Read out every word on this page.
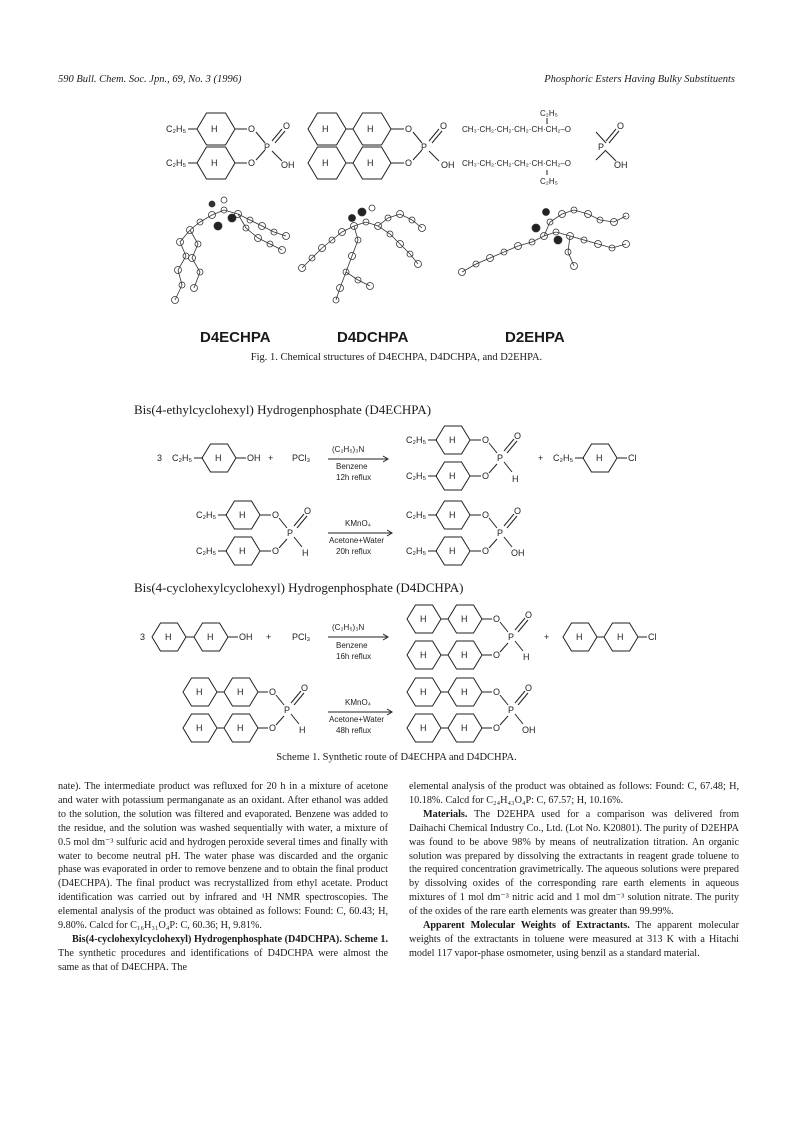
590 Bull. Chem. Soc. Jpn., 69, No. 3 (1996)	Phosphoric Esters Having Bulky Substituents
H
H
C₂H₅
C₂H₅
O
O
P
O
OH
H	H
H	H
O
O
P
O
OH
C₂H₅
CH₃·CH₂·CH₂·CH₂·CH·CH₂–O
P
O
CH₃·CH₂·CH₂·CH₂·CH·CH₂–O	OH
C₂H₅
3 C₂H₅	H	OH + PCl₃
(C₂H₅)₃N
Benzene
12h reflux
C₂H₅	H	O
P
O
H
C₂H₅	H	O
+ C₂H₅	H	Cl
C₂H₅	H	O
P
O
H
C₂H₅	H	O
KMnO₄
Acetone+Water
20h reflux
C₂H₅	H	O
P
O
OH
C₂H₅	H	O
3 H	H	OH + PCl₃
(C₂H₅)₃N
Benzene
16h reflux
H	H	O
P
O
H
H	H	O
+	H	H	Cl
H	H	O
P
O
H
H	H	O
KMnO₄
Acetone+Water
48h reflux
H	H	O
P
O
OH
H	H	O
D4ECHPA	D4DCHPA	D2EHPA
Fig. 1. Chemical structures of D4ECHPA, D4DCHPA, and D2EHPA.
Bis(4-ethylcyclohexyl) Hydrogenphosphate (D4ECHPA)
Bis(4-cyclohexylcyclohexyl) Hydrogenphosphate (D4DCHPA)
Scheme 1. Synthetic route of D4ECHPA and D4DCHPA.

nate). The intermediate product was refluxed for 20 h in a mixture of acetone and water with potassium permanganate as an oxidant. After ethanol was added to the solution, the solution was filtered and evaporated. Benzene was added to the residue, and the solution was washed sequentially with water, a mixture of 0.5 mol dm⁻³ sulfuric acid and hydrogen peroxide several times and finally with water to become neutral pH. The water phase was discarded and the organic phase was evaporated in order to remove benzene and to obtain the final product (D4ECHPA). The final product was recrystallized from ethyl acetate. Product identification was carried out by infrared and ¹H NMR spectroscopies. The elemental analysis of the product was obtained as follows: Found: C, 60.43; H, 9.80%. Calcd for C₁₆H₃₁O₄P: C, 60.36; H, 9.81%.

Bis(4-cyclohexylcyclohexyl) Hydrogenphosphate (D4DCHPA). Scheme 1. The synthetic procedures and identifications of D4DCHPA were almost the same as that of D4ECHPA. The

elemental analysis of the product was obtained as follows: Found: C, 67.48; H, 10.18%. Calcd for C₂₄H₄₃O₄P: C, 67.57; H, 10.16%.

Materials. The D2EHPA used for a comparison was delivered from Daihachi Chemical Industry Co., Ltd. (Lot No. K20801). The purity of D2EHPA was found to be above 98% by means of neutralization titration. An organic solution was prepared by dissolving the extractants in reagent grade toluene to the required concentration gravimetrically. The aqueous solutions were prepared by dissolving oxides of the corresponding rare earth elements in aqueous mixtures of 1 mol dm⁻³ nitric acid and 1 mol dm⁻³ solution nitrate. The purity of the oxides of the rare earth elements was greater than 99.99%.

Apparent Molecular Weights of Extractants. The apparent molecular weights of the extractants in toluene were measured at 313 K with a Hitachi model 117 vapor-phase osmometer, using benzil as a standard material.
